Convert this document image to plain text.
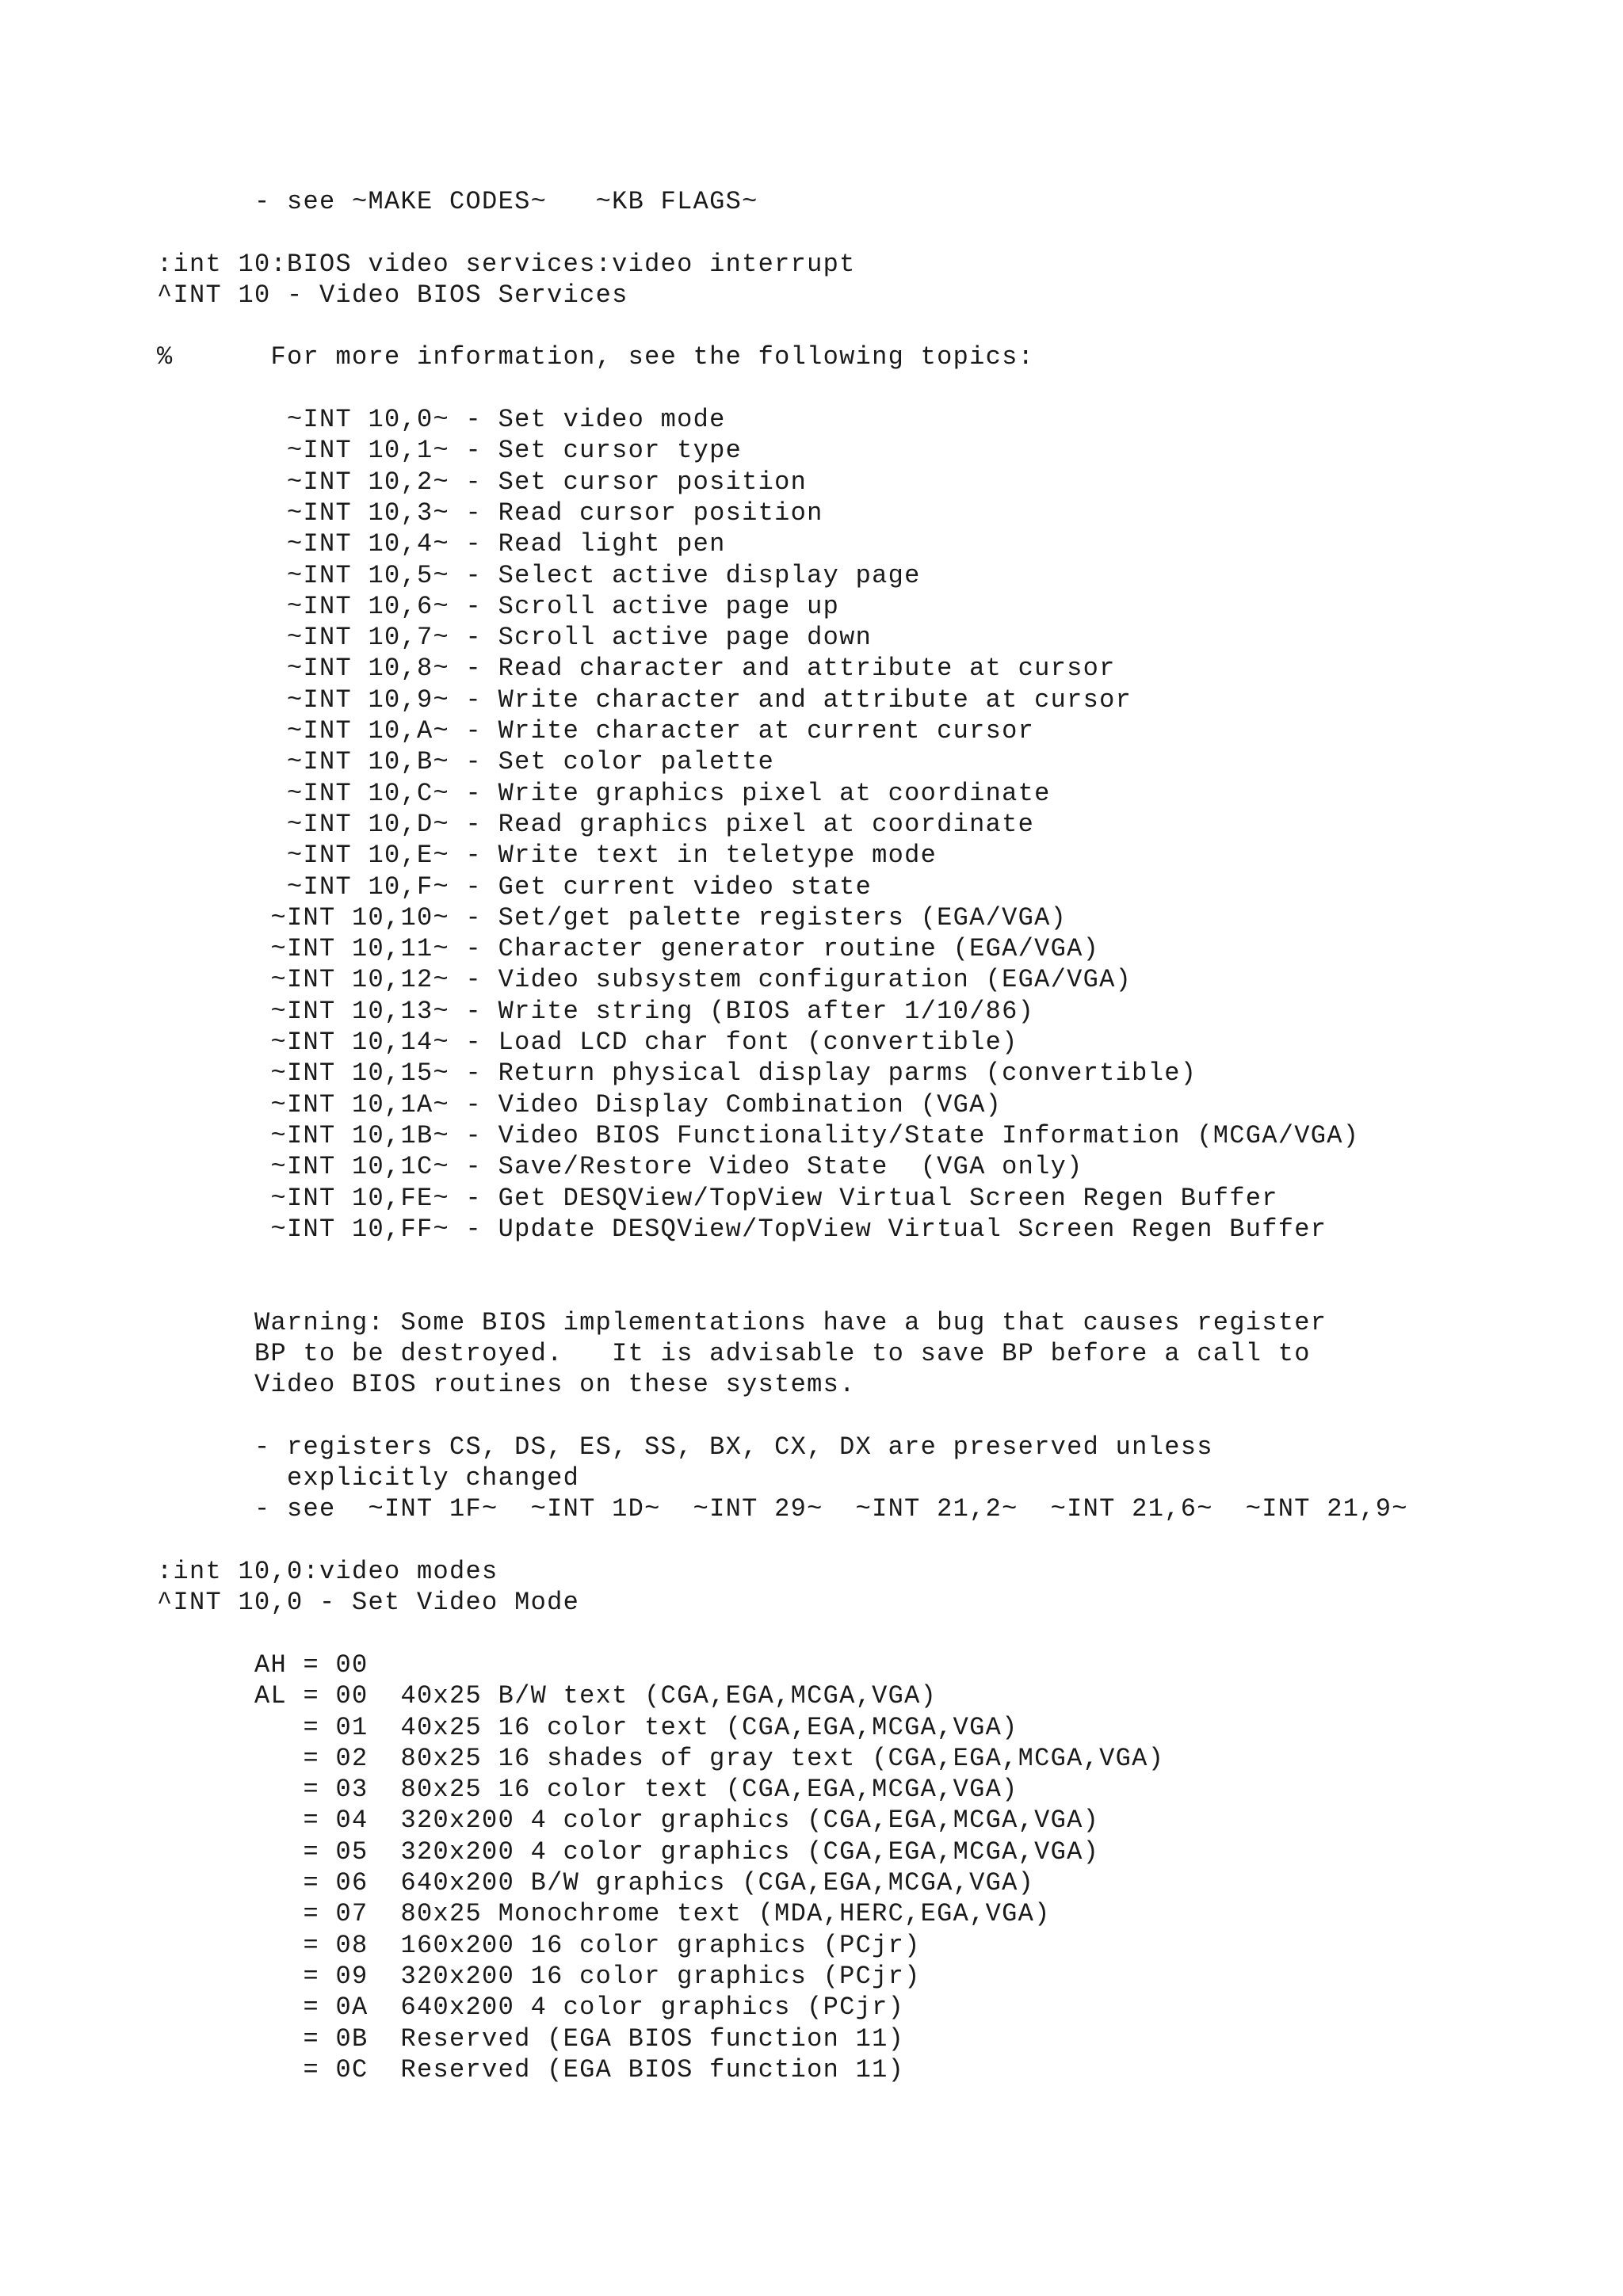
- see ~MAKE CODES~   ~KB FLAGS~
:int 10:BIOS video services:video interrupt
^INT 10 - Video BIOS Services
%      For more information, see the following topics:
~INT 10,0~ - Set video mode
~INT 10,1~ - Set cursor type
~INT 10,2~ - Set cursor position
~INT 10,3~ - Read cursor position
~INT 10,4~ - Read light pen
~INT 10,5~ - Select active display page
~INT 10,6~ - Scroll active page up
~INT 10,7~ - Scroll active page down
~INT 10,8~ - Read character and attribute at cursor
~INT 10,9~ - Write character and attribute at cursor
~INT 10,A~ - Write character at current cursor
~INT 10,B~ - Set color palette
~INT 10,C~ - Write graphics pixel at coordinate
~INT 10,D~ - Read graphics pixel at coordinate
~INT 10,E~ - Write text in teletype mode
~INT 10,F~ - Get current video state
~INT 10,10~ - Set/get palette registers (EGA/VGA)
~INT 10,11~ - Character generator routine (EGA/VGA)
~INT 10,12~ - Video subsystem configuration (EGA/VGA)
~INT 10,13~ - Write string (BIOS after 1/10/86)
~INT 10,14~ - Load LCD char font (convertible)
~INT 10,15~ - Return physical display parms (convertible)
~INT 10,1A~ - Video Display Combination (VGA)
~INT 10,1B~ - Video BIOS Functionality/State Information (MCGA/VGA)
~INT 10,1C~ - Save/Restore Video State  (VGA only)
~INT 10,FE~ - Get DESQView/TopView Virtual Screen Regen Buffer
~INT 10,FF~ - Update DESQView/TopView Virtual Screen Regen Buffer
Warning: Some BIOS implementations have a bug that causes register
BP to be destroyed.   It is advisable to save BP before a call to
Video BIOS routines on these systems.
- registers CS, DS, ES, SS, BX, CX, DX are preserved unless
explicitly changed
- see  ~INT 1F~  ~INT 1D~  ~INT 29~  ~INT 21,2~  ~INT 21,6~  ~INT 21,9~
:int 10,0:video modes
^INT 10,0 - Set Video Mode
AH = 00
AL = 00  40x25 B/W text (CGA,EGA,MCGA,VGA)
= 01  40x25 16 color text (CGA,EGA,MCGA,VGA)
= 02  80x25 16 shades of gray text (CGA,EGA,MCGA,VGA)
= 03  80x25 16 color text (CGA,EGA,MCGA,VGA)
= 04  320x200 4 color graphics (CGA,EGA,MCGA,VGA)
= 05  320x200 4 color graphics (CGA,EGA,MCGA,VGA)
= 06  640x200 B/W graphics (CGA,EGA,MCGA,VGA)
= 07  80x25 Monochrome text (MDA,HERC,EGA,VGA)
= 08  160x200 16 color graphics (PCjr)
= 09  320x200 16 color graphics (PCjr)
= 0A  640x200 4 color graphics (PCjr)
= 0B  Reserved (EGA BIOS function 11)
= 0C  Reserved (EGA BIOS function 11)
